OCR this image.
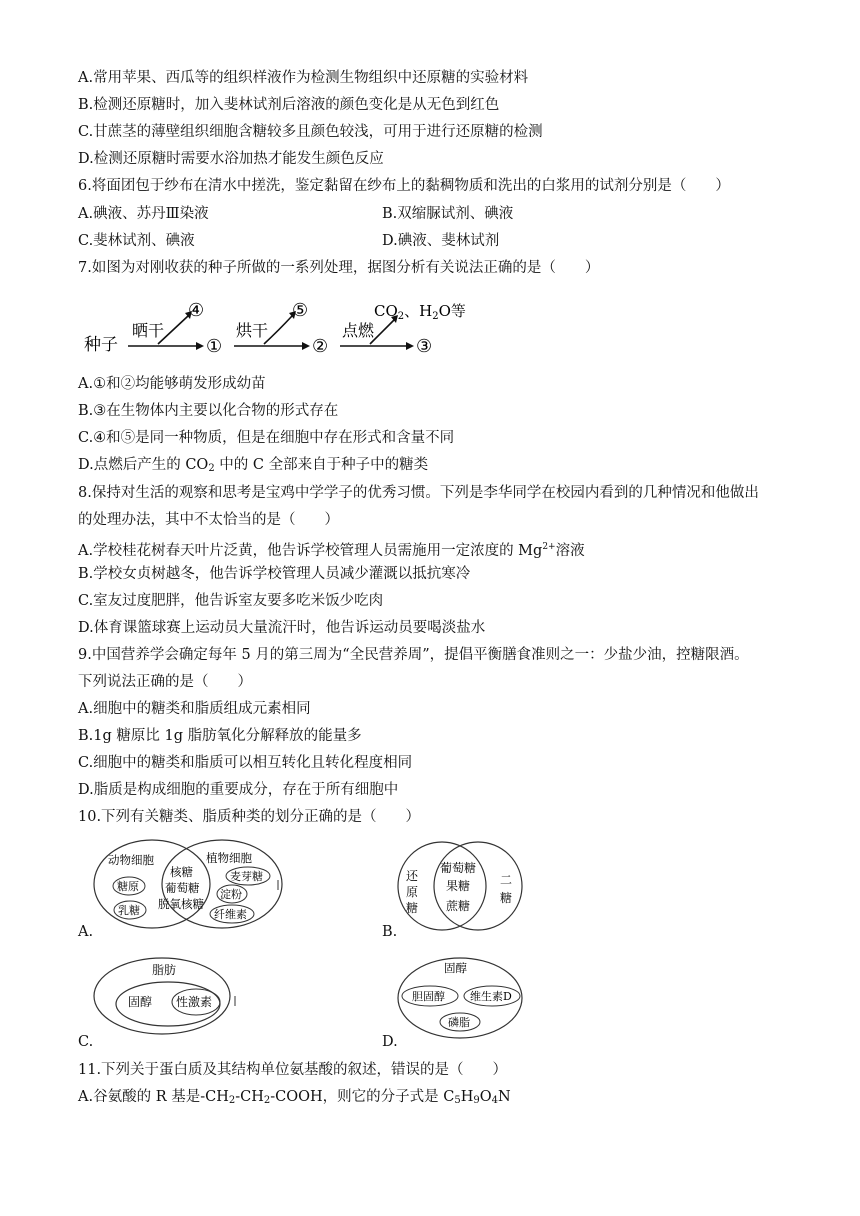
A.常用苹果、西瓜等的组织样液作为检测生物组织中还原糖的实验材料
B.检测还原糖时，加入斐林试剂后溶液的颜色变化是从无色到红色
C.甘蔗茎的薄壁组织细胞含糖较多且颜色较浅，可用于进行还原糖的检测
D.检测还原糖时需要水浴加热才能发生颜色反应
6.将面团包于纱布在清水中搓洗，鉴定黏留在纱布上的黏稠物质和洗出的白浆用的试剂分别是（　　）
A.碘液、苏丹Ⅲ染液	B.双缩脲试剂、碘液
C.斐林试剂、碘液	D.碘液、斐林试剂
7.如图为对刚收获的种子所做的一系列处理，据图分析有关说法正确的是（　　）
种子
晒干
④
①
烘干
⑤
②
点燃
$CO_2$、$H_2O$等
③
A.①和②均能够萌发形成幼苗
B.③在生物体内主要以化合物的形式存在
C.④和⑤是同一种物质，但是在细胞中存在形式和含量不同
D.点燃后产生的 $CO_2$ 中的 C 全部来自于种子中的糖类
8.保持对生活的观察和思考是宝鸡中学学子的优秀习惯。下列是李华同学在校园内看到的几种情况和他做出
的处理办法，其中不太恰当的是（　　）
A.学校桂花树春天叶片泛黄，他告诉学校管理人员需施用一定浓度的 $Mg^{2+}$溶液
B.学校女贞树越冬，他告诉学校管理人员减少灌溉以抵抗寒冷
C.室友过度肥胖，他告诉室友要多吃米饭少吃肉
D.体育课篮球赛上运动员大量流汗时，他告诉运动员要喝淡盐水
9.中国营养学会确定每年 5 月的第三周为“全民营养周”，提倡平衡膳食准则之一：少盐少油，控糖限酒。
下列说法正确的是（　　）
A.细胞中的糖类和脂质组成元素相同
B.1g 糖原比 1g 脂肪氧化分解释放的能量多
C.细胞中的糖类和脂质可以相互转化且转化程度相同
D.脂质是构成细胞的重要成分，存在于所有细胞中
10.下列有关糖类、脂质种类的划分正确的是（　　）
动物细胞	植物细胞
核糖
葡萄糖
脱氧核糖
糖原
乳糖
麦芽糖
淀粉
纤维素
A.
还
原
糖
葡萄糖
果糖
蔗糖
二
糖
B.
脂肪
固醇 性激素
C.
固醇
胆固醇 维生素D
磷脂
D.
11.下列关于蛋白质及其结构单位氨基酸的叙述，错误的是（　　）
A.谷氨酸的 R 基是$-CH_2-CH_2$-COOH，则它的分子式是 $C_5H_9O_4N$
